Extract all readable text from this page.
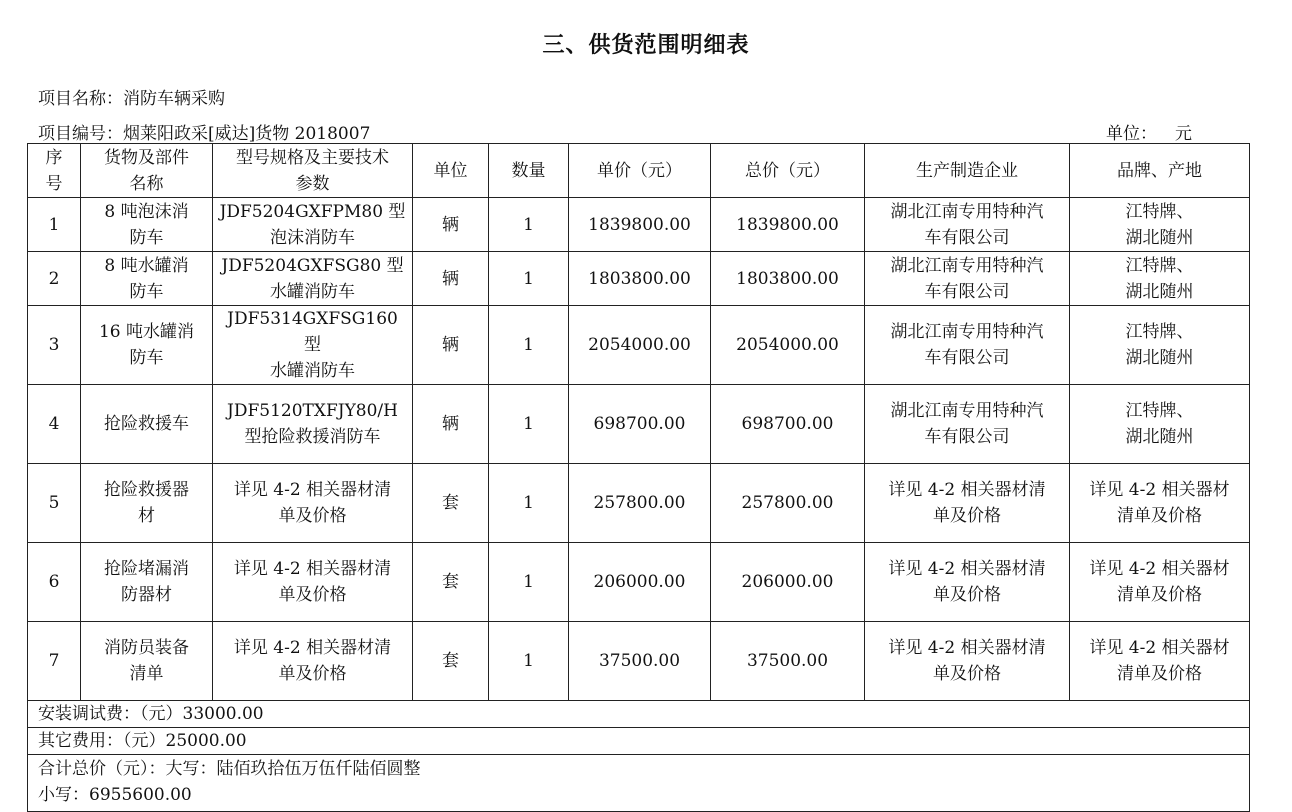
三、供货范围明细表
项目名称：消防车辆采购
项目编号：烟莱阳政采[威达]货物 2018007	单位： 元
序
号	货物及部件
名称	型号规格及主要技术
参数	单位	数量	单价（元）	总价（元）	生产制造企业	品牌、产地

1	8 吨泡沫消
防车	JDF5204GXFPM80 型
泡沫消防车	辆	1	1839800.00	1839800.00	湖北江南专用特种汽
车有限公司	江特牌、
湖北随州

2	8 吨水罐消
防车	JDF5204GXFSG80 型
水罐消防车	辆	1	1803800.00	1803800.00	湖北江南专用特种汽
车有限公司	江特牌、
湖北随州

3	16 吨水罐消
防车	JDF5314GXFSG160 型
水罐消防车	辆	1	2054000.00	2054000.00	湖北江南专用特种汽
车有限公司	江特牌、
湖北随州

4	抢险救援车	JDF5120TXFJY80/H
型抢险救援消防车	辆	1	698700.00	698700.00	湖北江南专用特种汽
车有限公司	江特牌、
湖北随州

5	抢险救援器
材	详见 4-2 相关器材清
单及价格	套	1	257800.00	257800.00	详见 4-2 相关器材清
单及价格	详见 4-2 相关器材
清单及价格

6	抢险堵漏消
防器材	详见 4-2 相关器材清
单及价格	套	1	206000.00	206000.00	详见 4-2 相关器材清
单及价格	详见 4-2 相关器材
清单及价格

7	消防员装备
清单	详见 4-2 相关器材清
单及价格	套	1	37500.00	37500.00	详见 4-2 相关器材清
单及价格	详见 4-2 相关器材
清单及价格

安装调试费：（元）33000.00								
其它费用：（元）25000.00								

合计总价（元）：大写：陆佰玖拾伍万伍仟陆佰圆整
小写：6955600.00								
